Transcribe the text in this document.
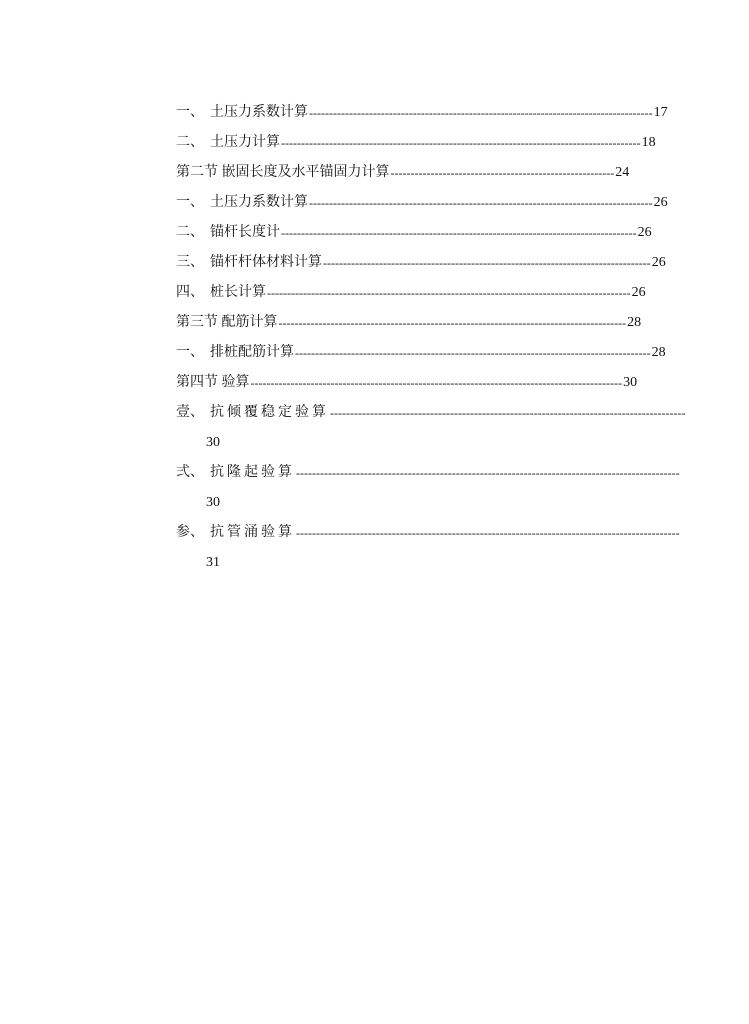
一、 土压力系数计算 -------------------------------------------------------------------------------------- 17
二、 土压力计算 ------------------------------------------------------------------------------------------ 18
第二节 嵌固长度及水平锚固力计算 -------------------------------------------------------- 24
一、 土压力系数计算 -------------------------------------------------------------------------------------- 26
二、 锚杆长度计 ----------------------------------------------------------------------------------------- 26
三、 锚杆杆体材料计算 ---------------------------------------------------------------------------------- 26
四、 桩长计算 ------------------------------------------------------------------------------------------- 26
第三节 配筋计算 --------------------------------------------------------------------------------------- 28
一、 排桩配筋计算 ----------------------------------------------------------------------------------------- 28
第四节 验算 --------------------------------------------------------------------------------------------- 30
壹、 抗倾覆稳定验算 -----------------------------------------------------------------------------------------
30
弍、 抗隆起验算 ------------------------------------------------------------------------------------------------
30
参、 抗管涌验算 ------------------------------------------------------------------------------------------------
31
